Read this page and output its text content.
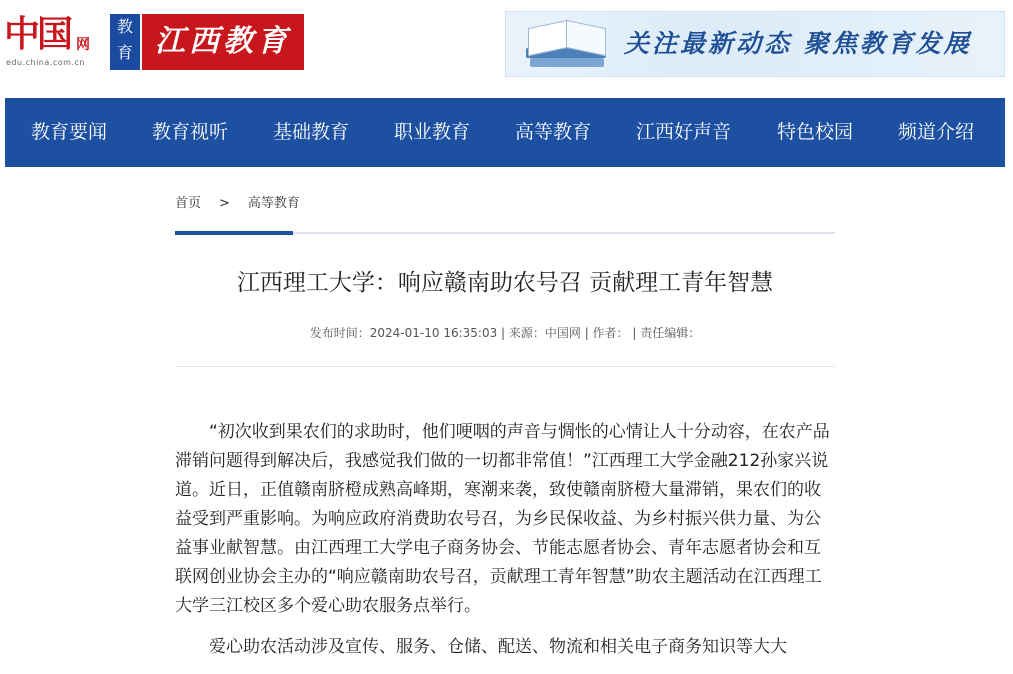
中国 网
edu.china.com.cn
教育 江西教育	关注最新动态 聚焦教育发展
教育要闻 教育视听 基础教育 职业教育 高等教育 江西好声音 特色校园 频道介绍
首页 > 高等教育
江西理工大学：响应赣南助农号召 贡献理工青年智慧
发布时间：2024-01-10 16:35:03 | 来源：中国网 | 作者： | 责任编辑：

“初次收到果农们的求助时，他们哽咽的声音与惆怅的心情让人十分动容，在农产品滞销问题得到解决后，我感觉我们做的一切都非常值！”江西理工大学金融212孙家兴说道。近日，正值赣南脐橙成熟高峰期，寒潮来袭，致使赣南脐橙大量滞销，果农们的收益受到严重影响。为响应政府消费助农号召，为乡民保收益、为乡村振兴供力量、为公益事业献智慧。由江西理工大学电子商务协会、节能志愿者协会、青年志愿者协会和互联网创业协会主办的“响应赣南助农号召，贡献理工青年智慧”助农主题活动在江西理工大学三江校区多个爱心助农服务点举行。

爱心助农活动涉及宣传、服务、仓储、配送、物流和相关电子商务知识等大大
